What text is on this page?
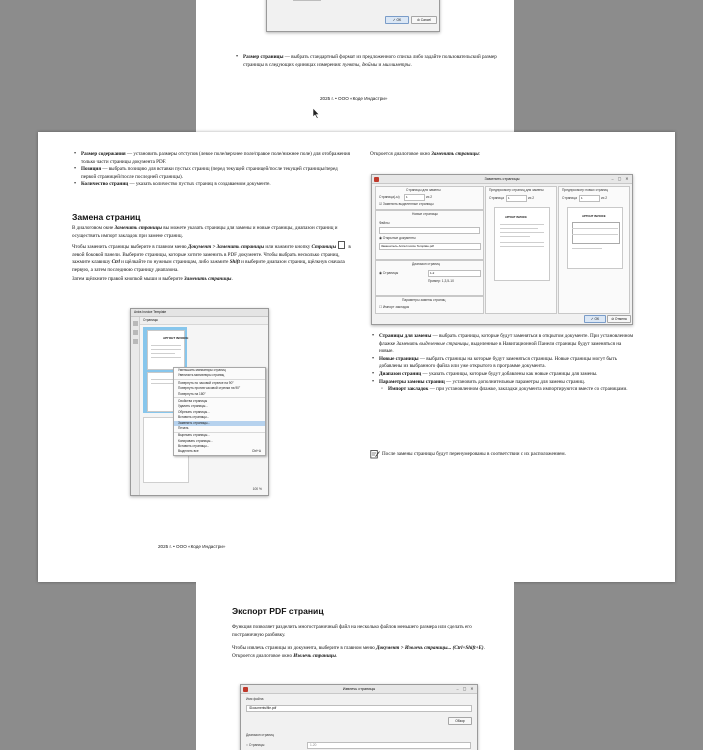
✓ OK	⊘ Cancel
• Размер страницы — выбрать стандартный формат из предложенного списка либо задайте пользовательский размер страницы в следующих единицах измерения: пункты, дюймы и миллиметры.
2025 г. • ООО «Коде Индастри»
• Размер содержания — установить размеры отступов (левое поле/верхнее поле/правое поле/нижнее поле) для отображения только части страницы документа PDF.
• Позиция — выбрать позицию для вставки пустых страниц (перед текущей страницей/после текущей страницы/перед первой страницей/после последней страницы).
• Количество страниц — указать количество пустых страниц в создаваемом документе.
Замена страниц
В диалоговом окне Заменить страницы вы можете указать страницы для замены и новые страницы, диапазон страниц и осуществить импорт закладок при замене страниц.
Чтобы заменить страницы выберите в главном меню Документ > Заменить страницы или нажмите кнопку Страницы в левой боковой панели. Выберите страницы, которые хотите заменить в PDF документе. Чтобы выбрать несколько страниц, зажмите клавишу Ctrl и щёлкайте по нужным страницам, либо зажмите Shift и выберите диапазон страниц, щёлкнув сначала первую, а затем последнюю страницу диапазона.
Затем щёлкните правой кнопкой мыши и выберите Заменить страницы.
Anira Invoice Template
Страницы
АРГОНТ INVOICE
100 %
Уменьшить миниатюры страниц
Увеличить миниатюры страниц
Повернуть по часовой стрелке на 90°
Повернуть против часовой стрелки на 90°
Повернуть на 180°
Свойства страницы
Удалить страницы...
Обрезать страницы...
Вставить страницы...
Заменить страницы...
Печать
Вырезать страницы...
Копировать страницы...
Вставить страницы...
Выделить все	Ctrl+A
2025 г. • ООО «Коде Индастри»
Откроется диалоговое окно Заменить страницы:
Заменить страницы	– ▢ ✕
Страницы для замены
Страница(-ы)	1	из 2
☑ Заменить выделенные страницы
Новые страницы
Файлы
◉ Открытые документы
Заменитель Anira Invoice Template.pdf
Диапазон страниц
◉ Страницы	1-2
Пример: 1,3,5-10
Параметры замены страниц
☐ Импорт закладок
Предпросмотр страниц для замены
Страница	1	из 2
АРГОНТ INVOICE
Предпросмотр новых страниц
Страница	1	из 2
АРГОНТ INVOICE
✓ OK	⊘ Отмена
• Страницы для замены — выбрать страницы, которые будут заменяться в открытом документе. При установленном флажке Заменить выделенные страницы, выделенные в Навигационной Панели страницы будут заменяться на новые.
• Новые страницы — выбрать страницы на которые будут заменяться страницы. Новые страницы могут быть добавлены из выбранного файла или уже открытого в программе документа.
• Диапазон страниц — указать страницы, которые будут добавлены как новые страницы для замены.
• Параметры замены страниц — установить дополнительные параметры для замены страниц.
◦ Импорт закладок — при установленном флажке, закладки документа импортируются вместе со страницами.
После замены страницы будут перенумерованы в соответствии с их расположением.
Экспорт PDF страниц
Функция позволяет разделить многостраничный файл на несколько файлов меньшего размера или сделать его постраничную разбивку.
Чтобы извлечь страницы из документа, выберите в главном меню Документ > Извлечь страницы... (Ctrl+Shift+E). Откроется диалоговое окно Извлечь страницы.
Извлечь страницы	– ▢ ✕
Имя файла
/Documents/file.pdf
Обзор
Диапазон страниц
○ Страницы	1-20
